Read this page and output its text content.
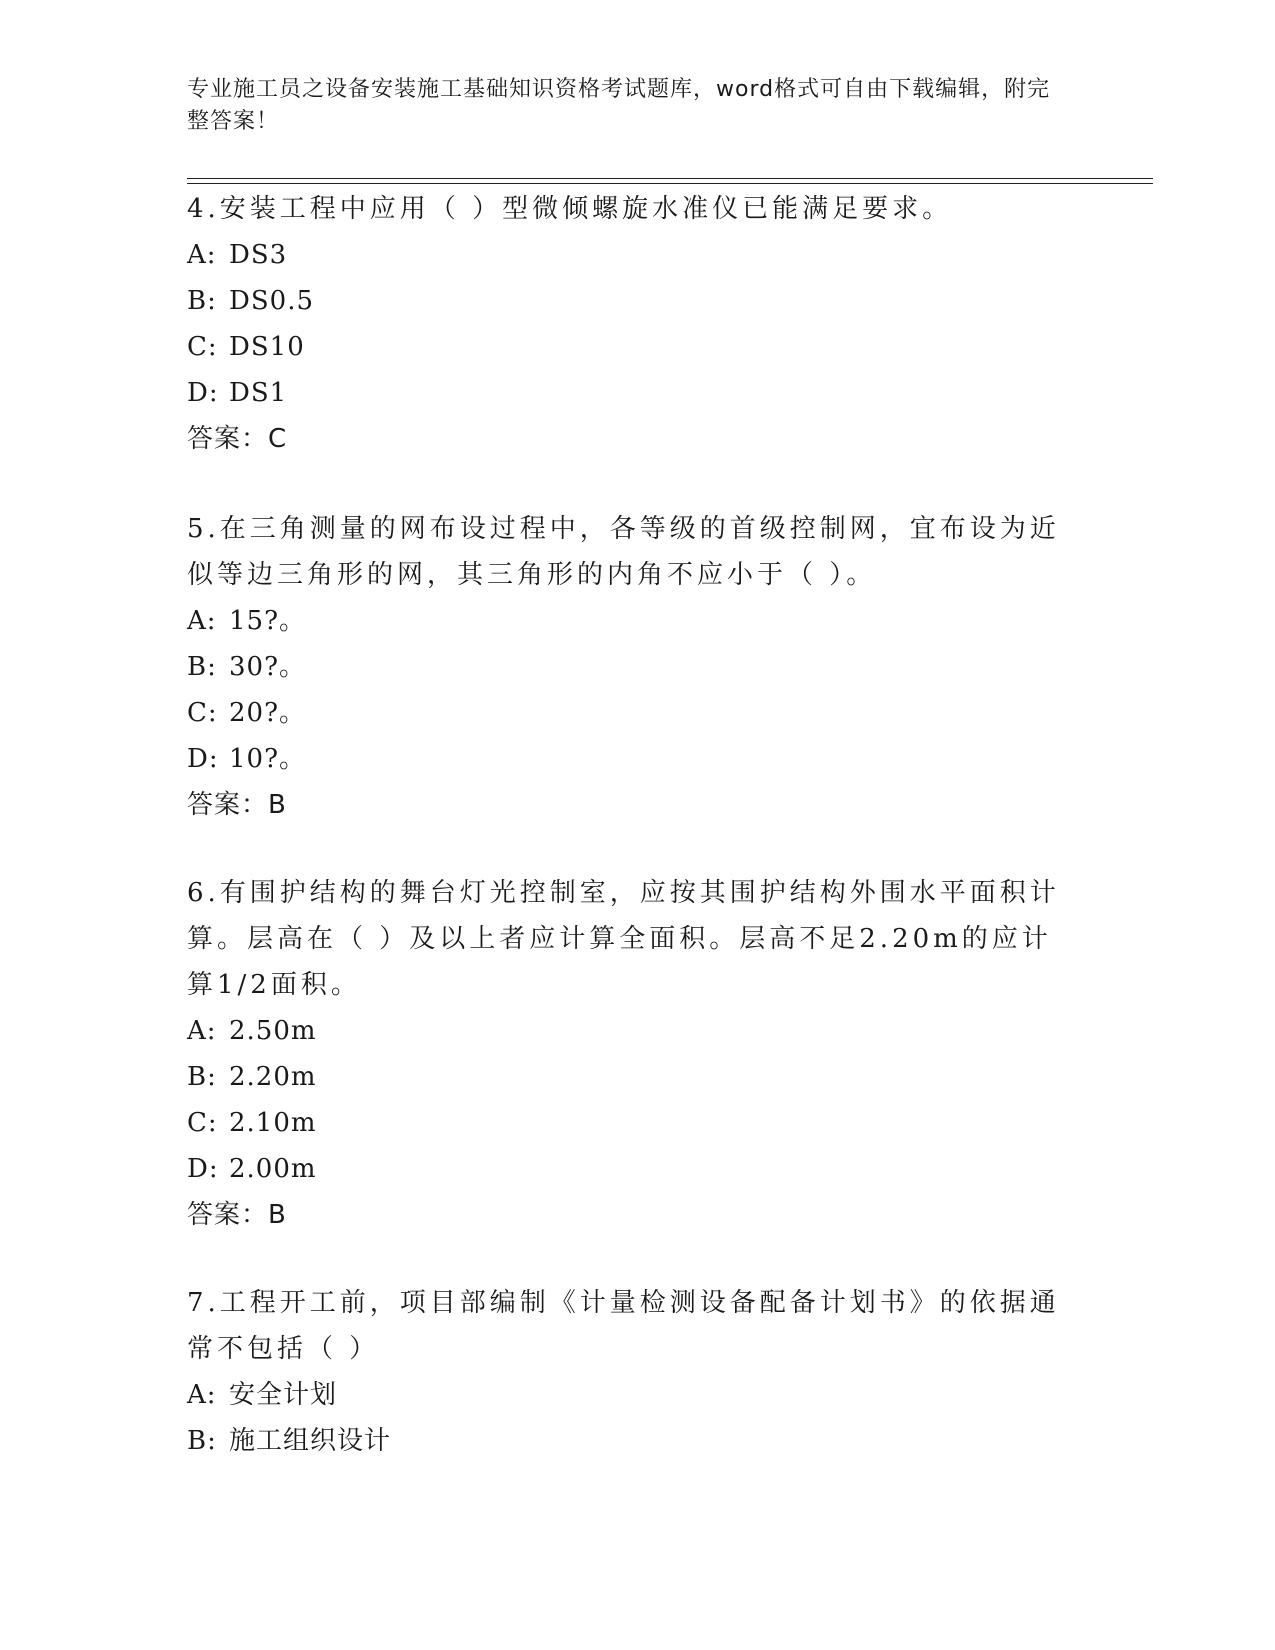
专业施工员之设备安装施工基础知识资格考试题库，word格式可自由下载编辑，附完整答案！

4.安装工程中应用（ ）型微倾螺旋水准仪已能满足要求。

A: DS3

B: DS0.5

C: DS10

D: DS1

答案：C

5.在三角测量的网布设过程中，各等级的首级控制网，宜布设为近似等边三角形的网，其三角形的内角不应小于（ ）。

A: 15?。

B: 30?。

C: 20?。

D: 10?。

答案：B

6.有围护结构的舞台灯光控制室，应按其围护结构外围水平面积计算。层高在（ ）及以上者应计算全面积。层高不足2.20m的应计算1/2面积。

A: 2.50m

B: 2.20m

C: 2.10m

D: 2.00m

答案：B

7.工程开工前，项目部编制《计量检测设备配备计划书》的依据通常不包括（ ）

A: 安全计划

B: 施工组织设计
